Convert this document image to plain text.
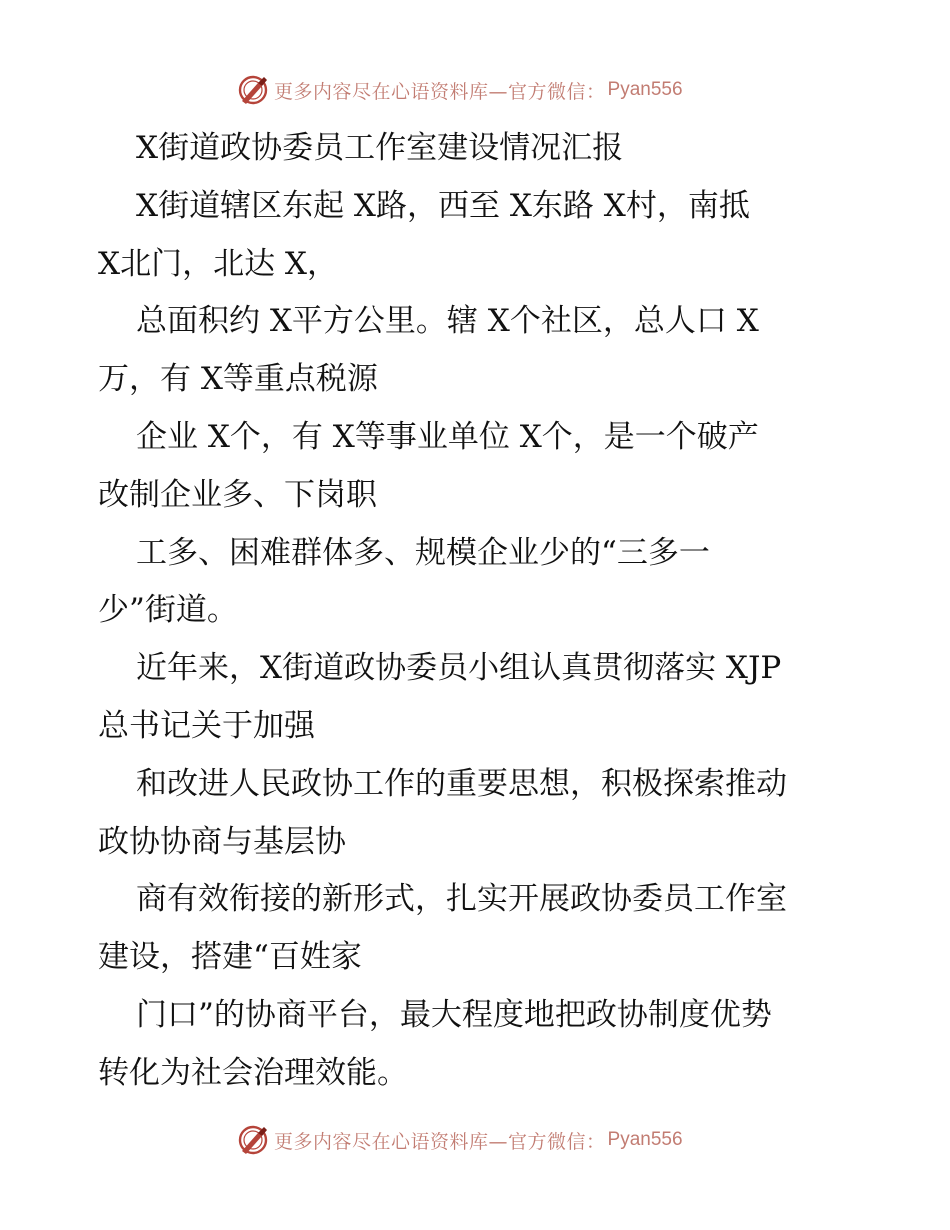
更多内容尽在心语资料库—官方微信： Pyan556

X街道政协委员工作室建设情况汇报
X街道辖区东起 X路，西至 X东路 X村，南抵
X北门，北达 X，
总面积约 X平方公里。辖 X个社区，总人口 X
万，有 X等重点税源
企业 X个，有 X等事业单位 X个，是一个破产
改制企业多、下岗职
工多、困难群体多、规模企业少的“三多一
少”街道。
近年来，X街道政协委员小组认真贯彻落实 XJP
总书记关于加强
和改进人民政协工作的重要思想，积极探索推动
政协协商与基层协
商有效衔接的新形式，扎实开展政协委员工作室
建设，搭建“百姓家
门口”的协商平台，最大程度地把政协制度优势
转化为社会治理效能。

更多内容尽在心语资料库—官方微信： Pyan556
